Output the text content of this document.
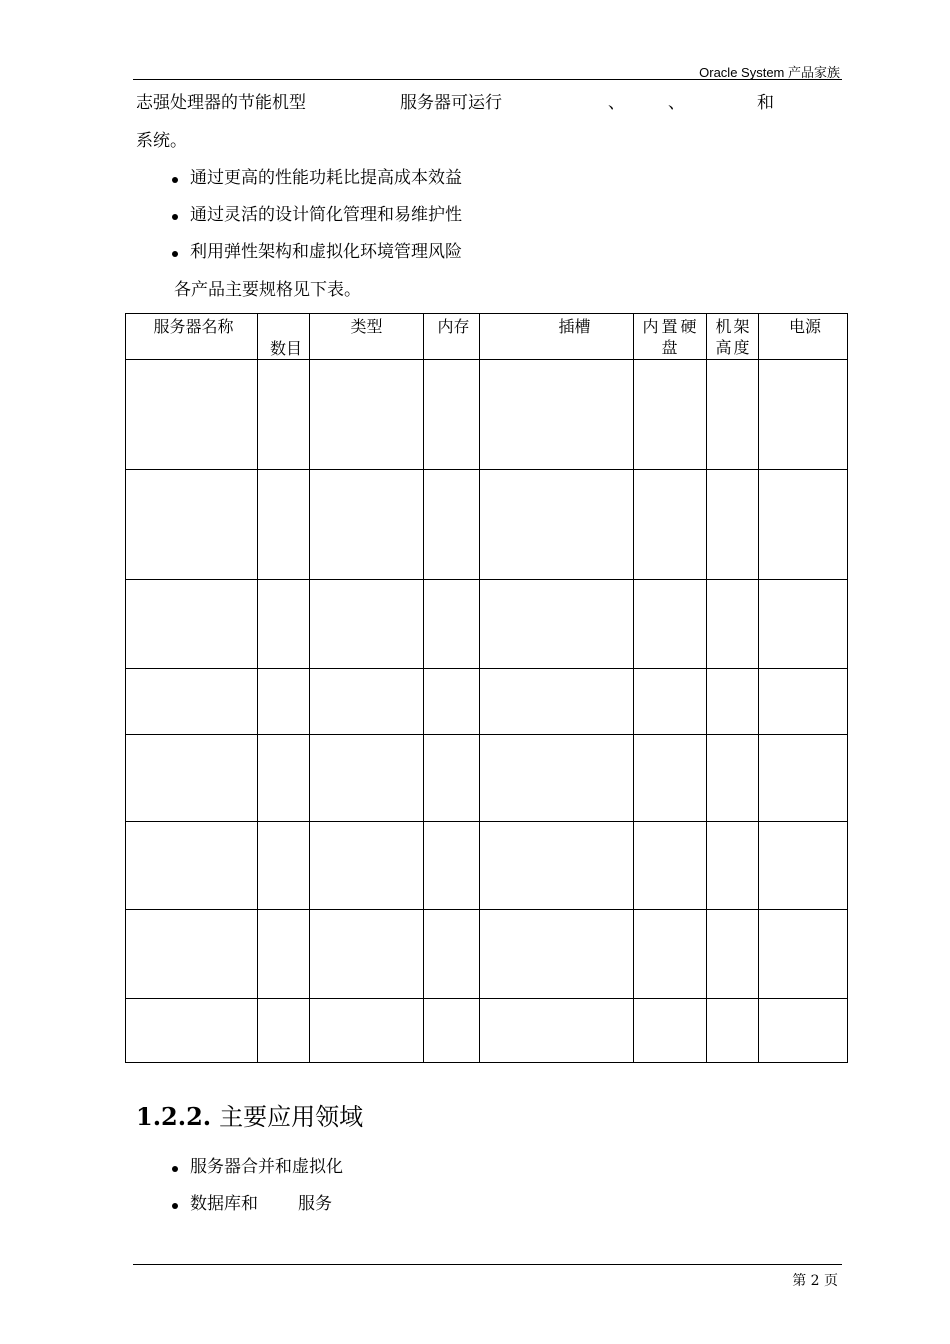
Oracle System 产品家族
志强处理器的节能机型	服务器可运行	、	、	和
系统。
通过更高的性能功耗比提高成本效益
通过灵活的设计简化管理和易维护性
利用弹性架构和虚拟化环境管理风险
各产品主要规格见下表。
服务器名称	数目	类型	内存	插槽	内置硬盘	机架高度	电源

1.2.2. 主要应用领域
服务器合并和虚拟化
数据库和 服务
第 2 页
